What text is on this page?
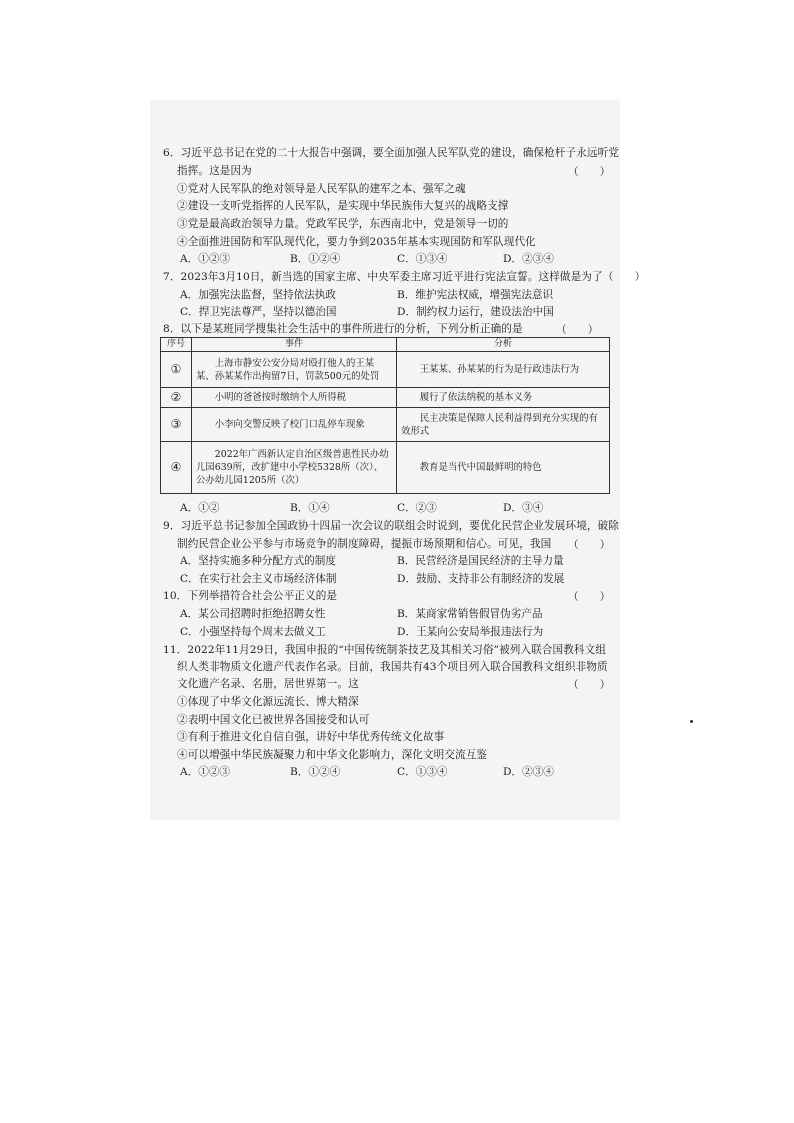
6．习近平总书记在党的二十大报告中强调，要全面加强人民军队党的建设，确保枪杆子永远听党
指挥。这是因为	（　　）
①党对人民军队的绝对领导是人民军队的建军之本、强军之魂
②建设一支听党指挥的人民军队，是实现中华民族伟大复兴的战略支撑
③党是最高政治领导力量。党政军民学，东西南北中，党是领导一切的
④全面推进国防和军队现代化，要力争到2035年基本实现国防和军队现代化
A．①②③	B．①②④	C．①③④	D．②③④
7．2023年3月10日，新当选的国家主席、中央军委主席习近平进行宪法宣誓。这样做是为了（　　）
A．加强宪法监督，坚持依法执政	B．维护宪法权威，增强宪法意识
C．捍卫宪法尊严，坚持以德治国	D．制约权力运行，建设法治中国
8．以下是某班同学搜集社会生活中的事件所进行的分析，下列分析正确的是	（　　）
序号	事件	分析
①	上海市静安公安分局对殴打他人的王某某、孙某某作出拘留7日，罚款500元的处罚	王某某、孙某某的行为是行政违法行为
②	小明的爸爸按时缴纳个人所得税	履行了依法纳税的基本义务
③	小李向交警反映了校门口乱停车现象	民主决策是保障人民利益得到充分实现的有效形式
④	2022年广西新认定自治区级普惠性民办幼儿园639所，改扩建中小学校5328所（次）、公办幼儿园1205所（次）	教育是当代中国最鲜明的特色
A．①②	B．①④	C．②③	D．③④
9．习近平总书记参加全国政协十四届一次会议的联组会时说到，要优化民营企业发展环境，破除
制约民营企业公平参与市场竞争的制度障碍，提振市场预期和信心。可见，我国 （　　）
A．坚持实施多种分配方式的制度	B．民营经济是国民经济的主导力量
C．在实行社会主义市场经济体制	D．鼓励、支持非公有制经济的发展
10．下列举措符合社会公平正义的是	（　　）
A．某公司招聘时拒绝招聘女性	B．某商家常销售假冒伪劣产品
C．小强坚持每个周末去做义工	D．王某向公安局举报违法行为
11．2022年11月29日，我国申报的“中国传统制茶技艺及其相关习俗”被列入联合国教科文组
织人类非物质文化遗产代表作名录。目前，我国共有43个项目列入联合国教科文组织非物质
文化遗产名录、名册，居世界第一。这	（　　）
①体现了中华文化源远流长、博大精深
②表明中国文化已被世界各国接受和认可
③有利于推进文化自信自强，讲好中华优秀传统文化故事
④可以增强中华民族凝聚力和中华文化影响力，深化文明交流互鉴
A．①②③	B．①②④	C．①③④	D．②③④
